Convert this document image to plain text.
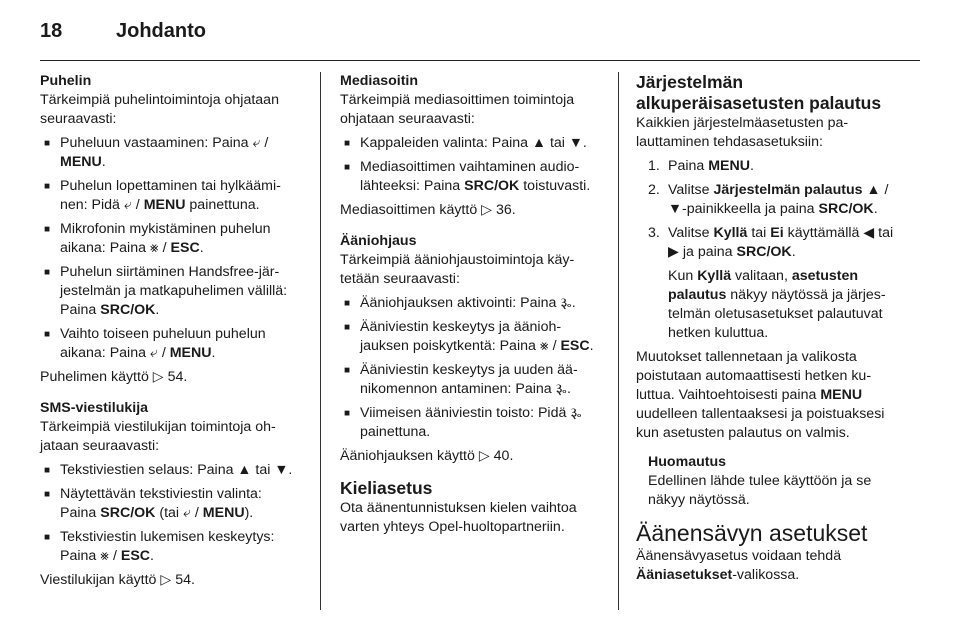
18	Johdanto

Puhelin

Tärkeimpiä puhelintoimintoja ohjataan seuraavasti:

■ Puheluun vastaaminen: Paina ⤶ / MENU.
■ Puhelun lopettaminen tai hylkääminen: Pidä ⤶ / MENU painettuna.
■ Mikrofonin mykistäminen puhelun aikana: Paina ⨳ / ESC.
■ Puhelun siirtäminen Handsfree-järjestelmän ja matkapuhelimen välillä: Paina SRC/OK.
■ Vaihto toiseen puheluun puhelun aikana: Paina ⤶ / MENU.

Puhelimen käyttö ▷ 54.

SMS-viestilukija

Tärkeimpiä viestilukijan toimintoja ohjataan seuraavasti:

■ Tekstiviestien selaus: Paina ▲ tai ▼.
■ Näytettävän tekstiviestin valinta: Paina SRC/OK (tai ⤶ / MENU).
■ Tekstiviestin lukemisen keskeytys: Paina ⨳ / ESC.

Viestilukijan käyttö ▷ 54.

Mediasoitin

Tärkeimpiä mediasoittimen toimintoja ohjataan seuraavasti:

■ Kappaleiden valinta: Paina ▲ tai ▼.
■ Mediasoittimen vaihtaminen audiolähteeksi: Paina SRC/OK toistuvasti.

Mediasoittimen käyttö ▷ 36.

Ääniohjaus

Tärkeimpiä ääniohjaustoimintoja käytetään seuraavasti:

■ Ääniohjauksen aktivointi: Paina ૱.
■ Ääniviestin keskeytys ja ääniohjauksen poiskytkentä: Paina ⨳ / ESC.
■ Ääniviestin keskeytys ja uuden äänikomennon antaminen: Paina ૱.
■ Viimeisen ääniviestin toisto: Pidä ૱ painettuna.

Ääniohjauksen käyttö ▷ 40.

Kieliasetus

Ota äänentunnistuksen kielen vaihtoa varten yhteys Opel-huoltopartneriin.

Järjestelmän alkuperäisasetusten palautus

Kaikkien järjestelmäasetusten palauttaminen tehdasasetuksiin:

1. Paina MENU.
2. Valitse Järjestelmän palautus ▲ / ▼-painikkeella ja paina SRC/OK.
3. Valitse Kyllä tai Ei käyttämällä ◀ tai ▶ ja paina SRC/OK.

Kun Kyllä valitaan, asetusten palautus näkyy näytössä ja järjestelmän oletusasetukset palautuvat hetken kuluttua.

Muutokset tallennetaan ja valikosta poistutaan automaattisesti hetken kuluttua. Vaihtoehtoisesti paina MENU uudelleen tallentaaksesi ja poistuaksesi kun asetusten palautus on valmis.

Huomautus

Edellinen lähde tulee käyttöön ja se näkyy näytössä.

Äänensävyn asetukset

Äänensävyasetus voidaan tehdä Ääniasetukset-valikossa.
